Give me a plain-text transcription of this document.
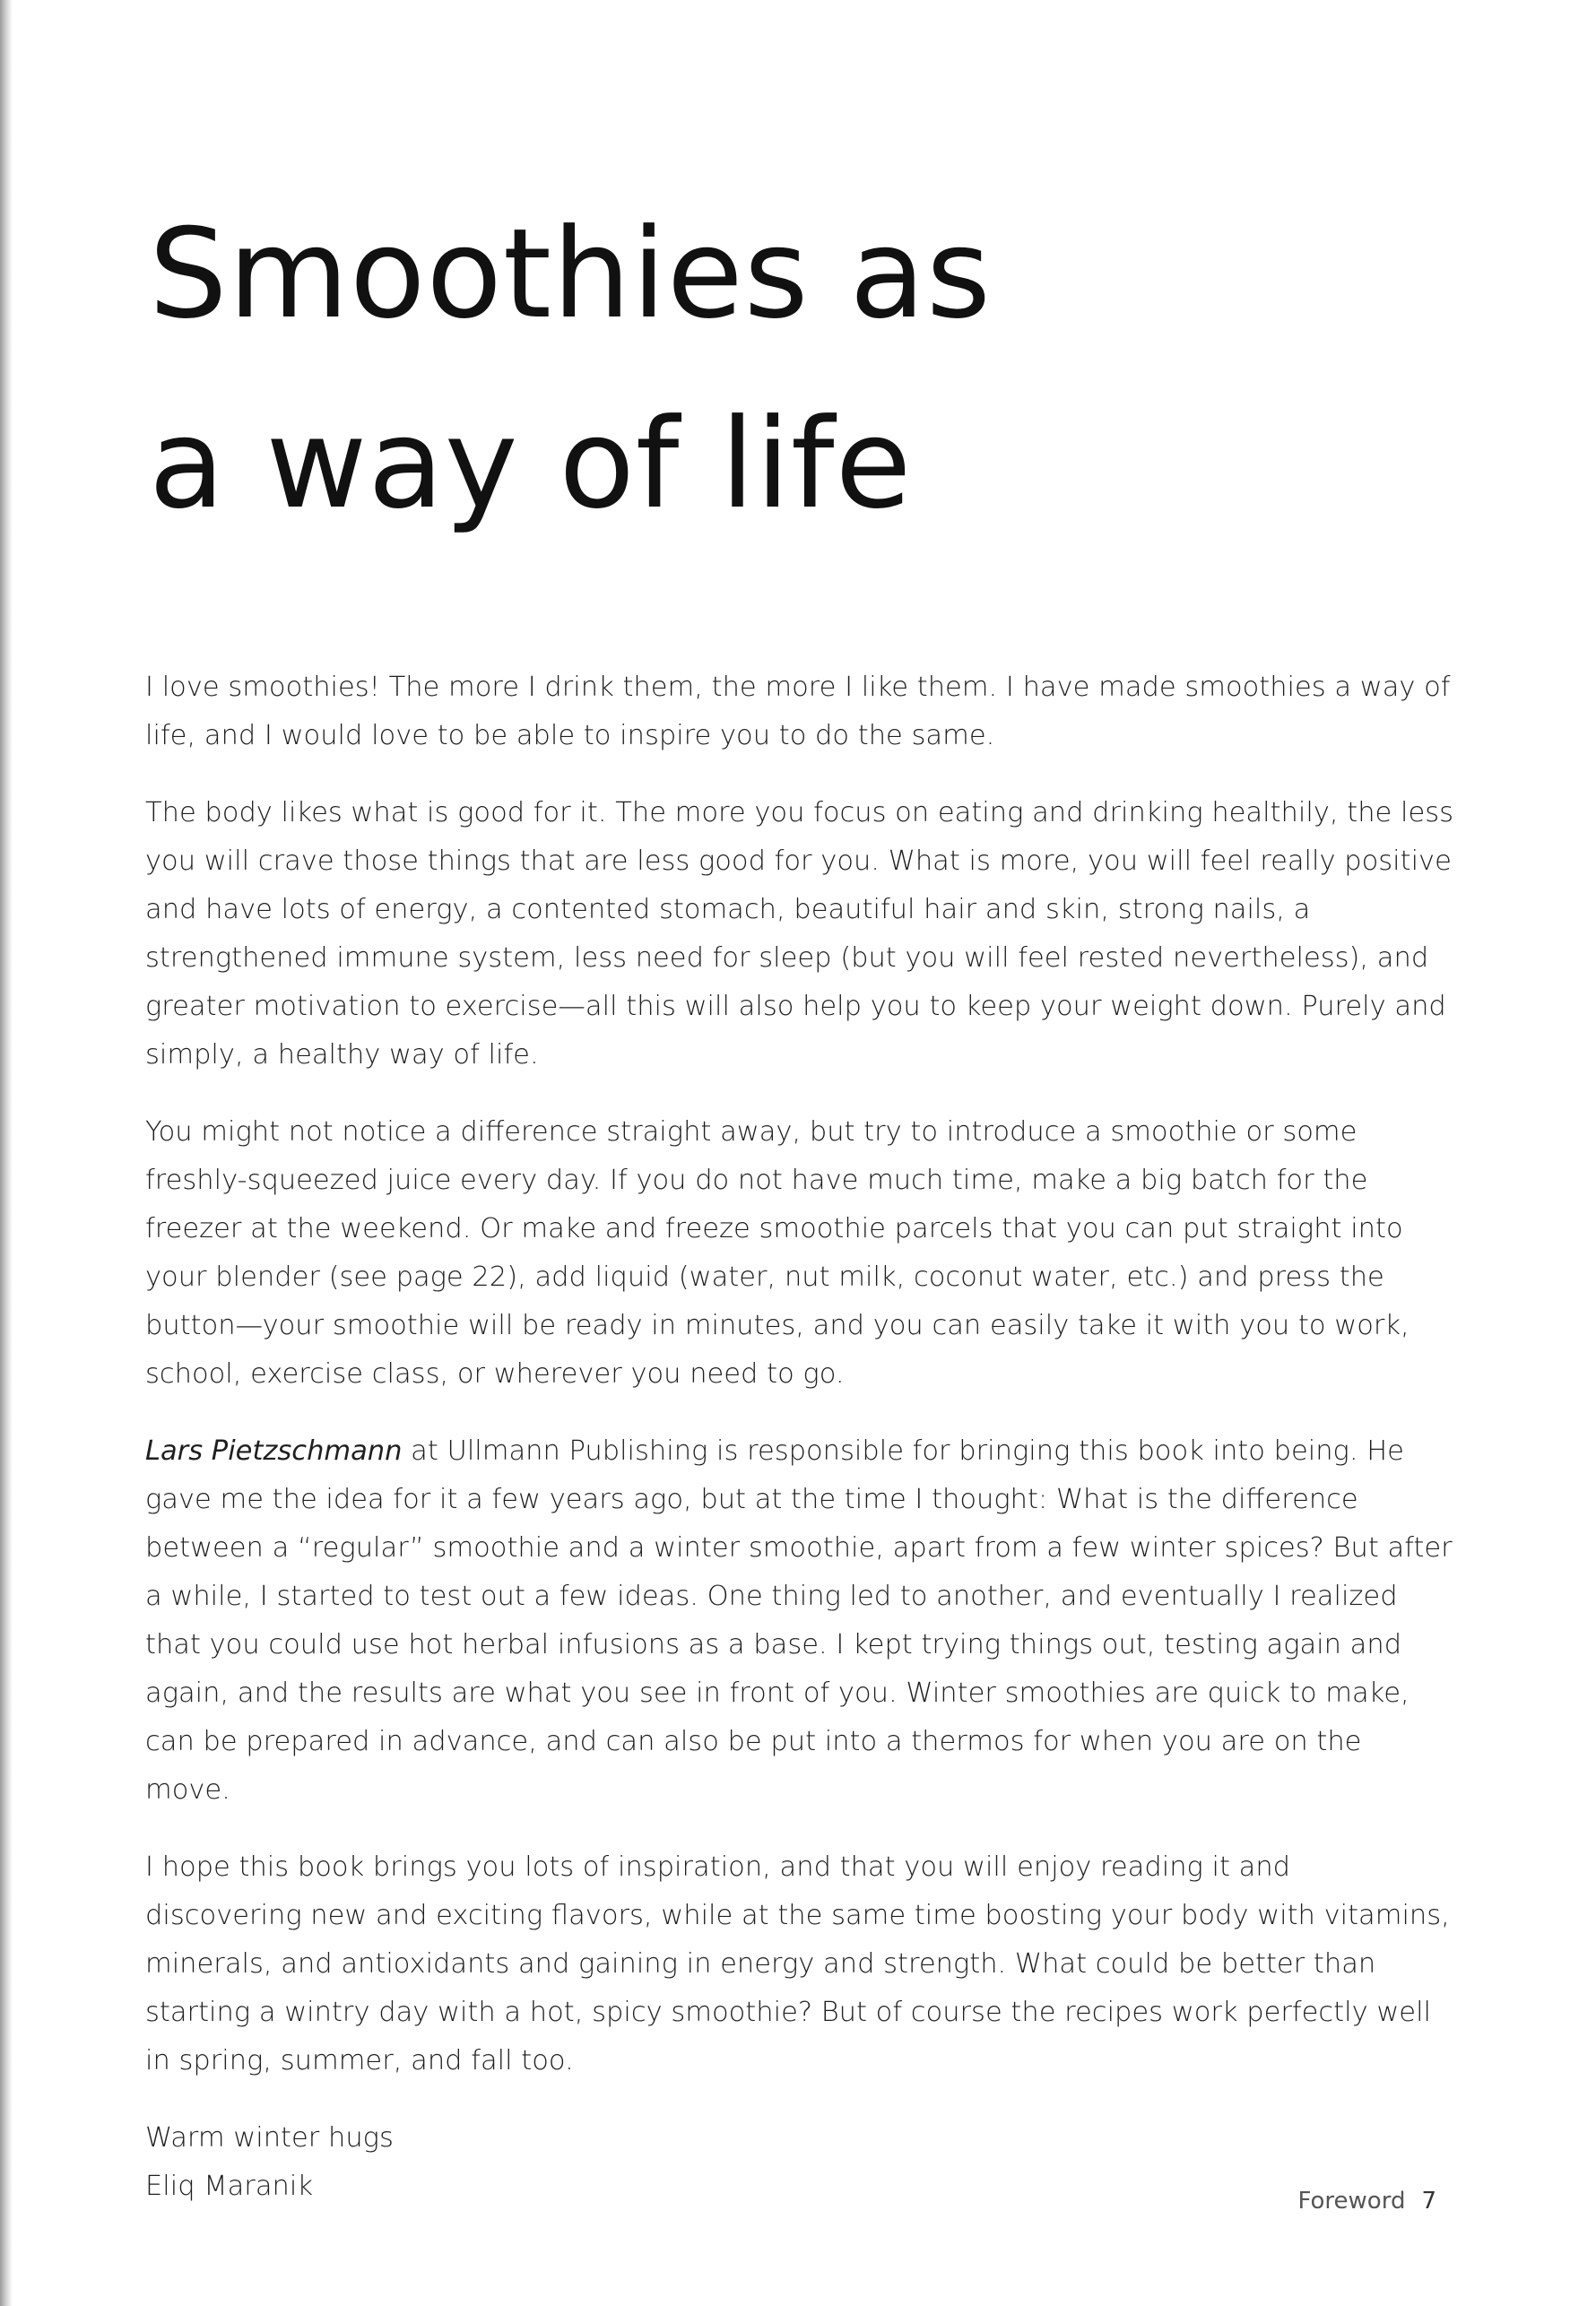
Smoothies as
a way of life

I love smoothies! The more I drink them, the more I like them. I have made smoothies a way of life, and I would love to be able to inspire you to do the same.

The body likes what is good for it. The more you focus on eating and drinking healthily, the less you will crave those things that are less good for you. What is more, you will feel really positive and have lots of energy, a contented stomach, beautiful hair and skin, strong nails, a strengthened immune system, less need for sleep (but you will feel rested nevertheless), and greater motivation to exercise—all this will also help you to keep your weight down. Purely and simply, a healthy way of life.

You might not notice a difference straight away, but try to introduce a smoothie or some freshly-squeezed juice every day. If you do not have much time, make a big batch for the freezer at the weekend. Or make and freeze smoothie parcels that you can put straight into your blender (see page 22), add liquid (water, nut milk, coconut water, etc.) and press the button—your smoothie will be ready in minutes, and you can easily take it with you to work, school, exercise class, or wherever you need to go.

Lars Pietzschmann at Ullmann Publishing is responsible for bringing this book into being. He gave me the idea for it a few years ago, but at the time I thought: What is the difference between a “regular” smoothie and a winter smoothie, apart from a few winter spices? But after a while, I started to test out a few ideas. One thing led to another, and eventually I realized that you could use hot herbal infusions as a base. I kept trying things out, testing again and again, and the results are what you see in front of you. Winter smoothies are quick to make, can be prepared in advance, and can also be put into a thermos for when you are on the move.

I hope this book brings you lots of inspiration, and that you will enjoy reading it and discovering new and exciting flavors, while at the same time boosting your body with vitamins, minerals, and antioxidants and gaining in energy and strength. What could be better than starting a wintry day with a hot, spicy smoothie? But of course the recipes work perfectly well in spring, summer, and fall too.

Warm winter hugs
Eliq Maranik	Foreword 7
